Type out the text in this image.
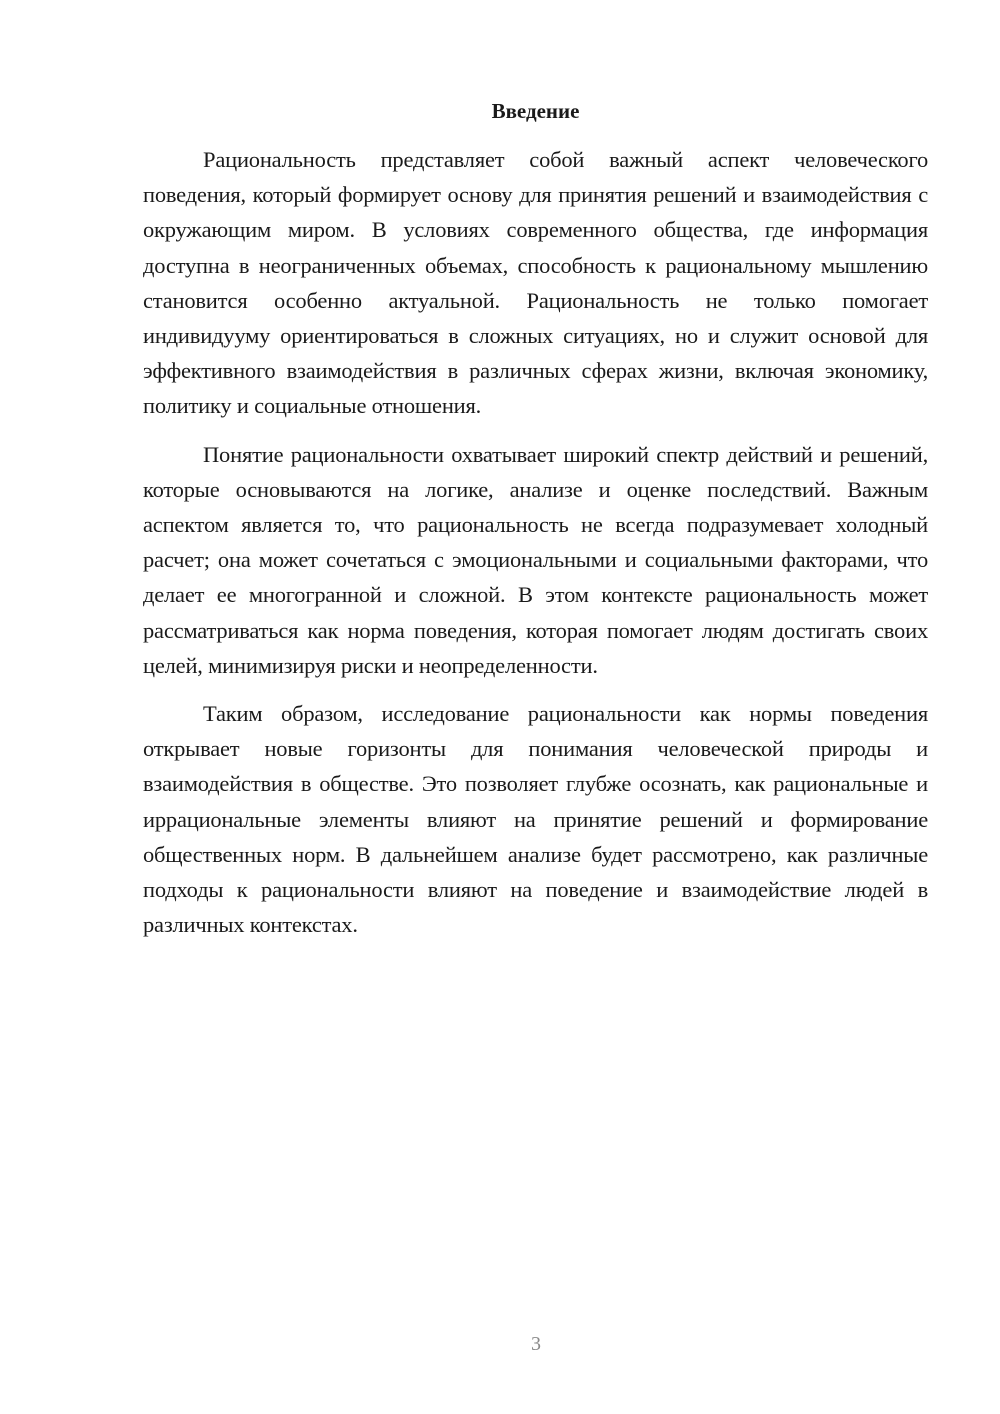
Введение

Рациональность представляет собой важный аспект человеческого поведения, который формирует основу для принятия решений и взаимодействия с окружающим миром. В условиях современного общества, где информация доступна в неограниченных объемах, способность к рациональному мышлению становится особенно актуальной. Рациональность не только помогает индивидууму ориентироваться в сложных ситуациях, но и служит основой для эффективного взаимодействия в различных сферах жизни, включая экономику, политику и социальные отношения.

Понятие рациональности охватывает широкий спектр действий и решений, которые основываются на логике, анализе и оценке последствий. Важным аспектом является то, что рациональность не всегда подразумевает холодный расчет; она может сочетаться с эмоциональными и социальными факторами, что делает ее многогранной и сложной. В этом контексте рациональность может рассматриваться как норма поведения, которая помогает людям достигать своих целей, минимизируя риски и неопределенности.

Таким образом, исследование рациональности как нормы поведения открывает новые горизонты для понимания человеческой природы и взаимодействия в обществе. Это позволяет глубже осознать, как рациональные и иррациональные элементы влияют на принятие решений и формирование общественных норм. В дальнейшем анализе будет рассмотрено, как различные подходы к рациональности влияют на поведение и взаимодействие людей в различных контекстах.

3
